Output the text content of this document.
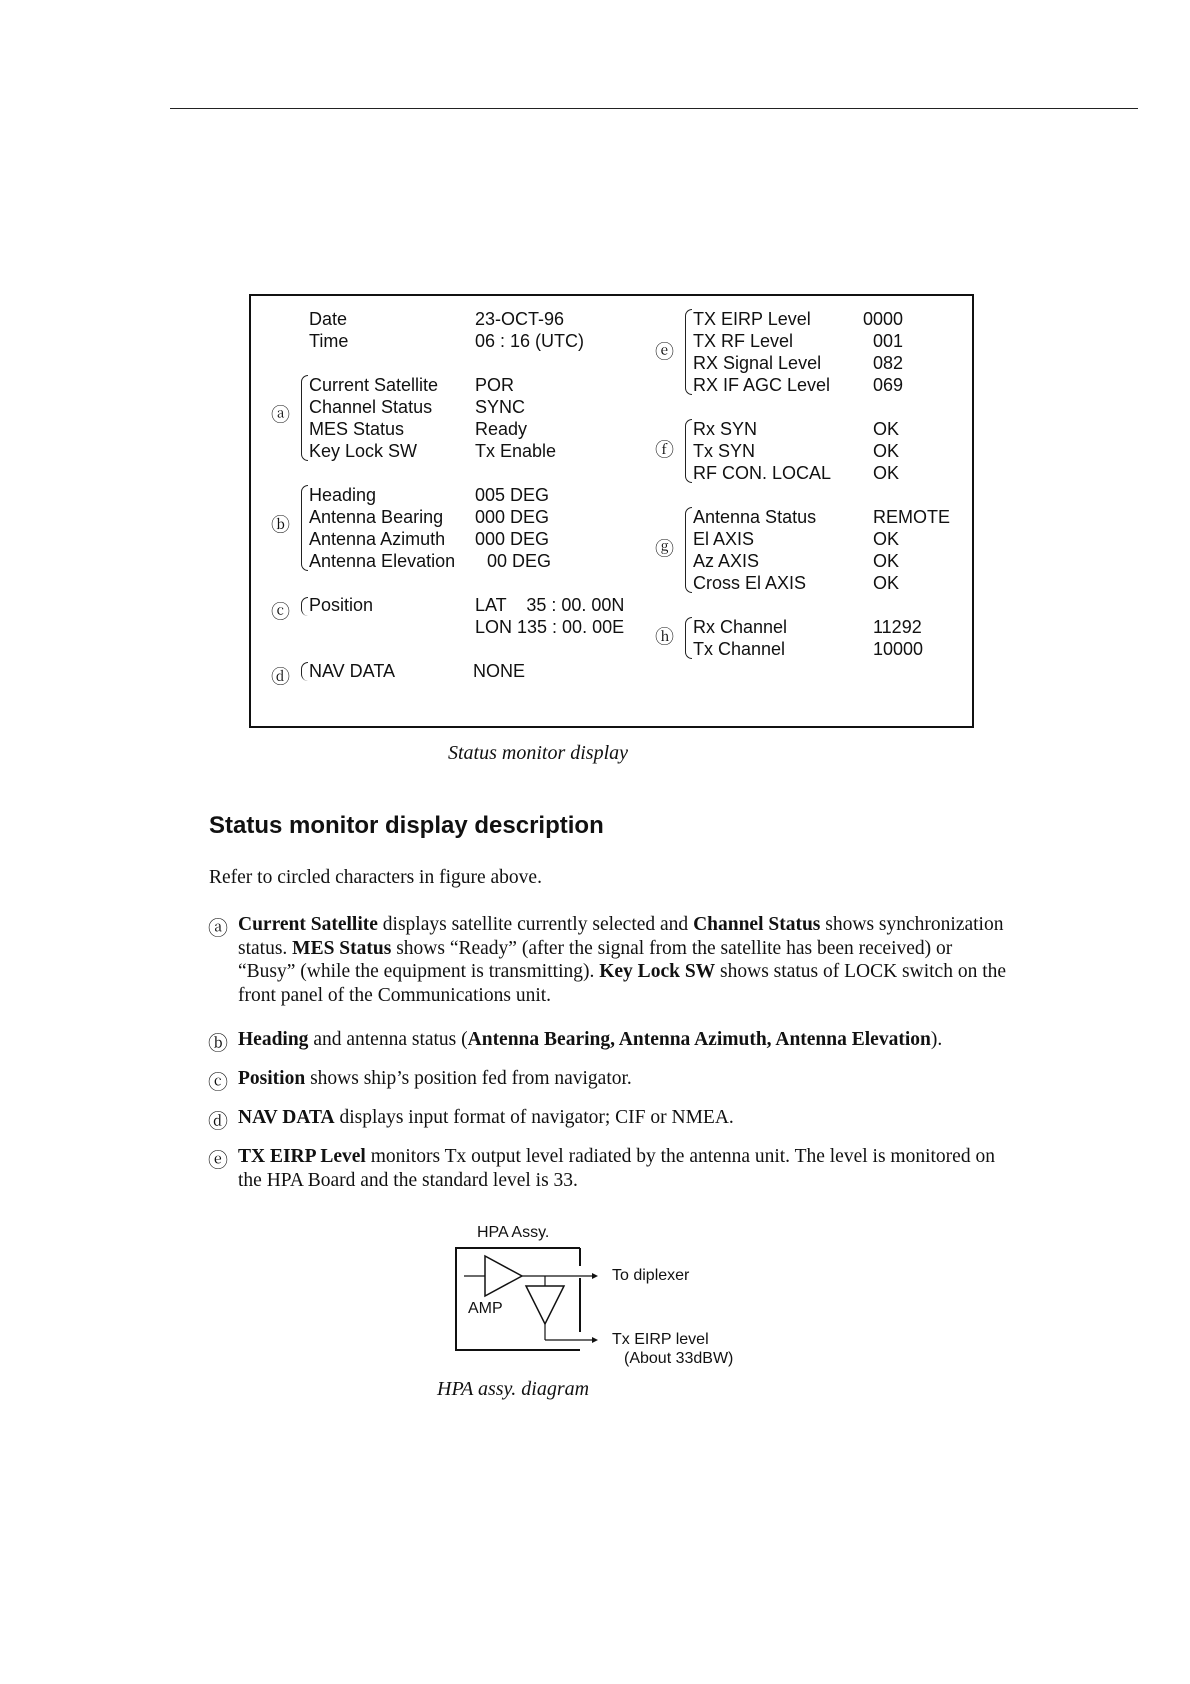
Date	23-OCT-96
Time	06 : 16 (UTC)
ⓐ
Current Satellite POR
Channel Status SYNC
MES Status	Ready
Key Lock SW	Tx Enable
ⓑ
Heading	005 DEG
Antenna Bearing 000 DEG
Antenna Azimuth 000 DEG
Antenna Elevation 00 DEG
ⓒ Position	LAT    35 : 00. 00N
LON 135 : 00. 00E
ⓓ NAV DATA	NONE
ⓔ
TX EIRP Level	0000
TX RF Level	001
RX Signal Level	082
RX IF AGC Level 069
ⓕ
Rx SYN	OK
Tx SYN	OK
RF CON. LOCAL OK
ⓖ
Antenna Status	REMOTE
El AXIS	OK
Az AXIS	OK
Cross El AXIS	OK
ⓗ Rx Channel	11292
Tx Channel	10000
Status monitor display
Status monitor display description
Refer to circled characters in figure above.
ⓐ Current Satellite displays satellite currently selected and Channel Status shows synchronization status. MES Status shows “Ready” (after the signal from the satellite has been received) or “Busy” (while the equipment is transmitting). Key Lock SW shows status of LOCK switch on the front panel of the Communications unit.
ⓑ Heading and antenna status (Antenna Bearing, Antenna Azimuth, Antenna Elevation).
ⓒ Position shows ship’s position fed from navigator.
ⓓ NAV DATA displays input format of navigator; CIF or NMEA.
ⓔ TX EIRP Level monitors Tx output level radiated by the antenna unit. The level is monitored on the HPA Board and the standard level is 33.
HPA Assy.
AMP
To diplexer
Tx EIRP level
(About 33dBW)
HPA assy. diagram
